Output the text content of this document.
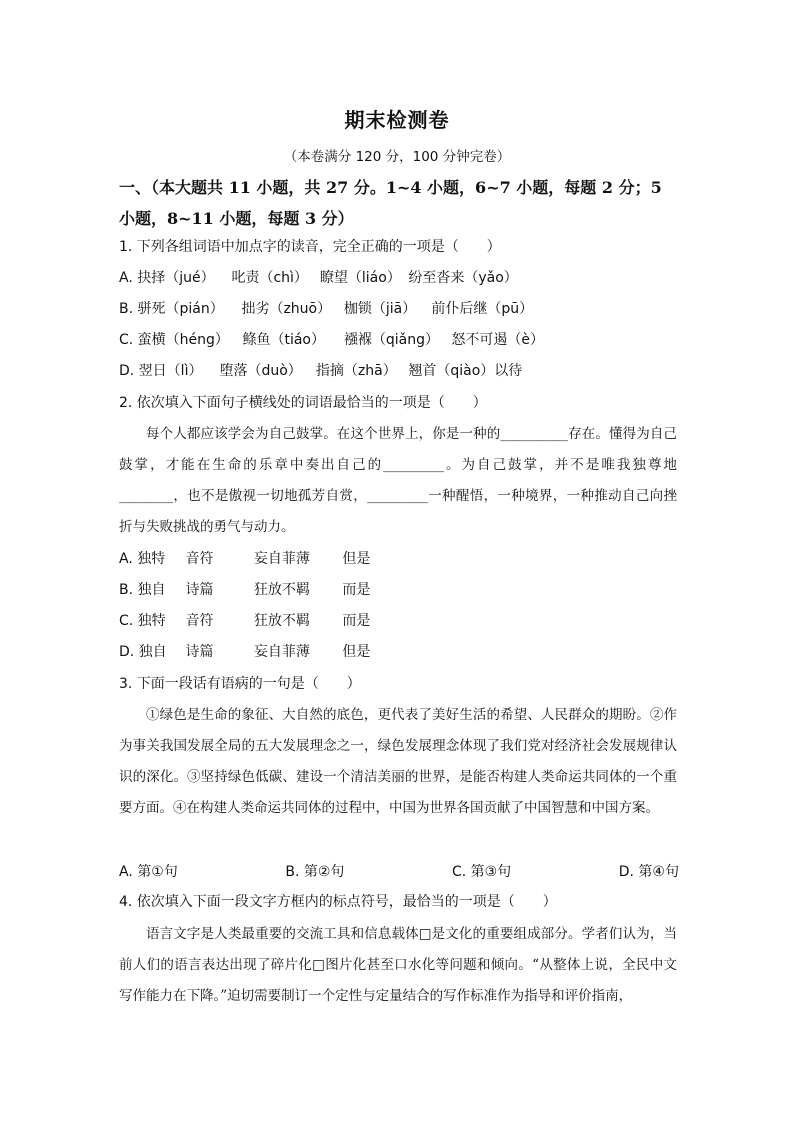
期末检测卷
（本卷满分 120 分，100 分钟完卷）
一、（本大题共 11 小题，共 27 分。1~4 小题，6~7 小题，每题 2 分；5 小题，8~11 小题，每题 3 分）
1. 下列各组词语中加点字的读音，完全正确的一项是（　　）
A. 抉择（jué） 叱责（chì） 瞭望（liáo） 纷至沓来（yǎo）
B. 骈死（pián） 拙劣（zhuō） 枷锁（jiā） 前仆后继（pū）
C. 蛮横（héng） 鲦鱼（tiáo） 襁褓（qiǎng） 怒不可遏（è）
D. 翌日（lì） 堕落（duò） 指摘（zhā） 翘首（qiào）以待
2. 依次填入下面句子横线处的词语最恰当的一项是（　　）
每个人都应该学会为自己鼓掌。在这个世界上，你是一种的__________存在。懂得为自己鼓掌，才能在生命的乐章中奏出自己的_________。为自己鼓掌，并不是唯我独尊地________，也不是傲视一切地孤芳自赏，_________一种醒悟，一种境界，一种推动自己向挫折与失败挑战的勇气与动力。
A. 独特 音符	妄自菲薄 但是
B. 独自 诗篇	狂放不羁 而是
C. 独特 音符	狂放不羁 而是
D. 独自 诗篇	妄自菲薄 但是
3. 下面一段话有语病的一句是（　　）
①绿色是生命的象征、大自然的底色，更代表了美好生活的希望、人民群众的期盼。②作为事关我国发展全局的五大发展理念之一，绿色发展理念体现了我们党对经济社会发展规律认识的深化。③坚持绿色低碳、建设一个清洁美丽的世界，是能否构建人类命运共同体的一个重要方面。④在构建人类命运共同体的过程中，中国为世界各国贡献了中国智慧和中国方案。
A. 第①句	B. 第②句	C. 第③句	D. 第④句
4. 依次填入下面一段文字方框内的标点符号，最恰当的一项是（　　）
语言文字是人类最重要的交流工具和信息载体□是文化的重要组成部分。学者们认为，当前人们的语言表达出现了碎片化□图片化甚至口水化等问题和倾向。“从整体上说，全民中文写作能力在下降。”迫切需要制订一个定性与定量结合的写作标准作为指导和评价指南，
